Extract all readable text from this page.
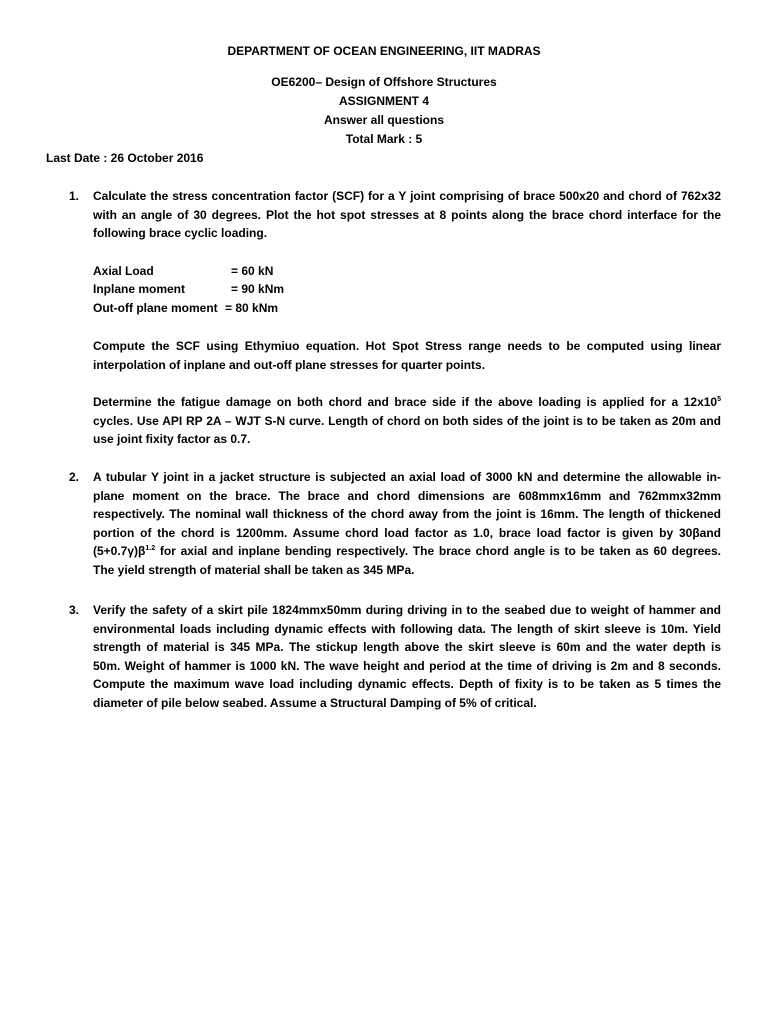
DEPARTMENT OF OCEAN ENGINEERING, IIT MADRAS
OE6200– Design of Offshore Structures
ASSIGNMENT 4
Answer all questions
Total Mark : 5
Last Date : 26 October 2016
1. Calculate the stress concentration factor (SCF) for a Y joint comprising of brace 500x20 and chord of 762x32
with an angle of 30 degrees. Plot the hot spot stresses at 8 points along the brace chord interface for the
following brace cyclic loading.
Axial Load	= 60 kN
Inplane moment	= 90 kNm
Out-off plane moment = 80 kNm
Compute the SCF using Ethymiuo equation. Hot Spot Stress range needs to be computed using linear
interpolation of inplane and out-off plane stresses for quarter points.
Determine the fatigue damage on both chord and brace side if the above loading is applied for a $12x10^5$
cycles. Use API RP 2A – WJT S-N curve. Length of chord on both sides of the joint is to be taken as 20m and
use joint fixity factor as 0.7.
2. A tubular Y joint in a jacket structure is subjected an axial load of 3000 kN and determine the allowable in-
plane moment on the brace. The brace and chord dimensions are 608mmx16mm and 762mmx32mm
respectively. The nominal wall thickness of the chord away from the joint is 16mm. The length of thickened
portion of the chord is 1200mm. Assume chord load factor as 1.0, brace load factor is given by 30βand
$(5+0.7\gamma)\beta^{1.2}$ for axial and inplane bending respectively. The brace chord angle is to be taken as 60 degrees.
The yield strength of material shall be taken as 345 MPa.
3. Verify the safety of a skirt pile 1824mmx50mm during driving in to the seabed due to weight of hammer and
environmental loads including dynamic effects with following data. The length of skirt sleeve is 10m. Yield
strength of material is 345 MPa. The stickup length above the skirt sleeve is 60m and the water depth is
50m. Weight of hammer is 1000 kN. The wave height and period at the time of driving is 2m and 8 seconds.
Compute the maximum wave load including dynamic effects. Depth of fixity is to be taken as 5 times the
diameter of pile below seabed. Assume a Structural Damping of 5% of critical.
